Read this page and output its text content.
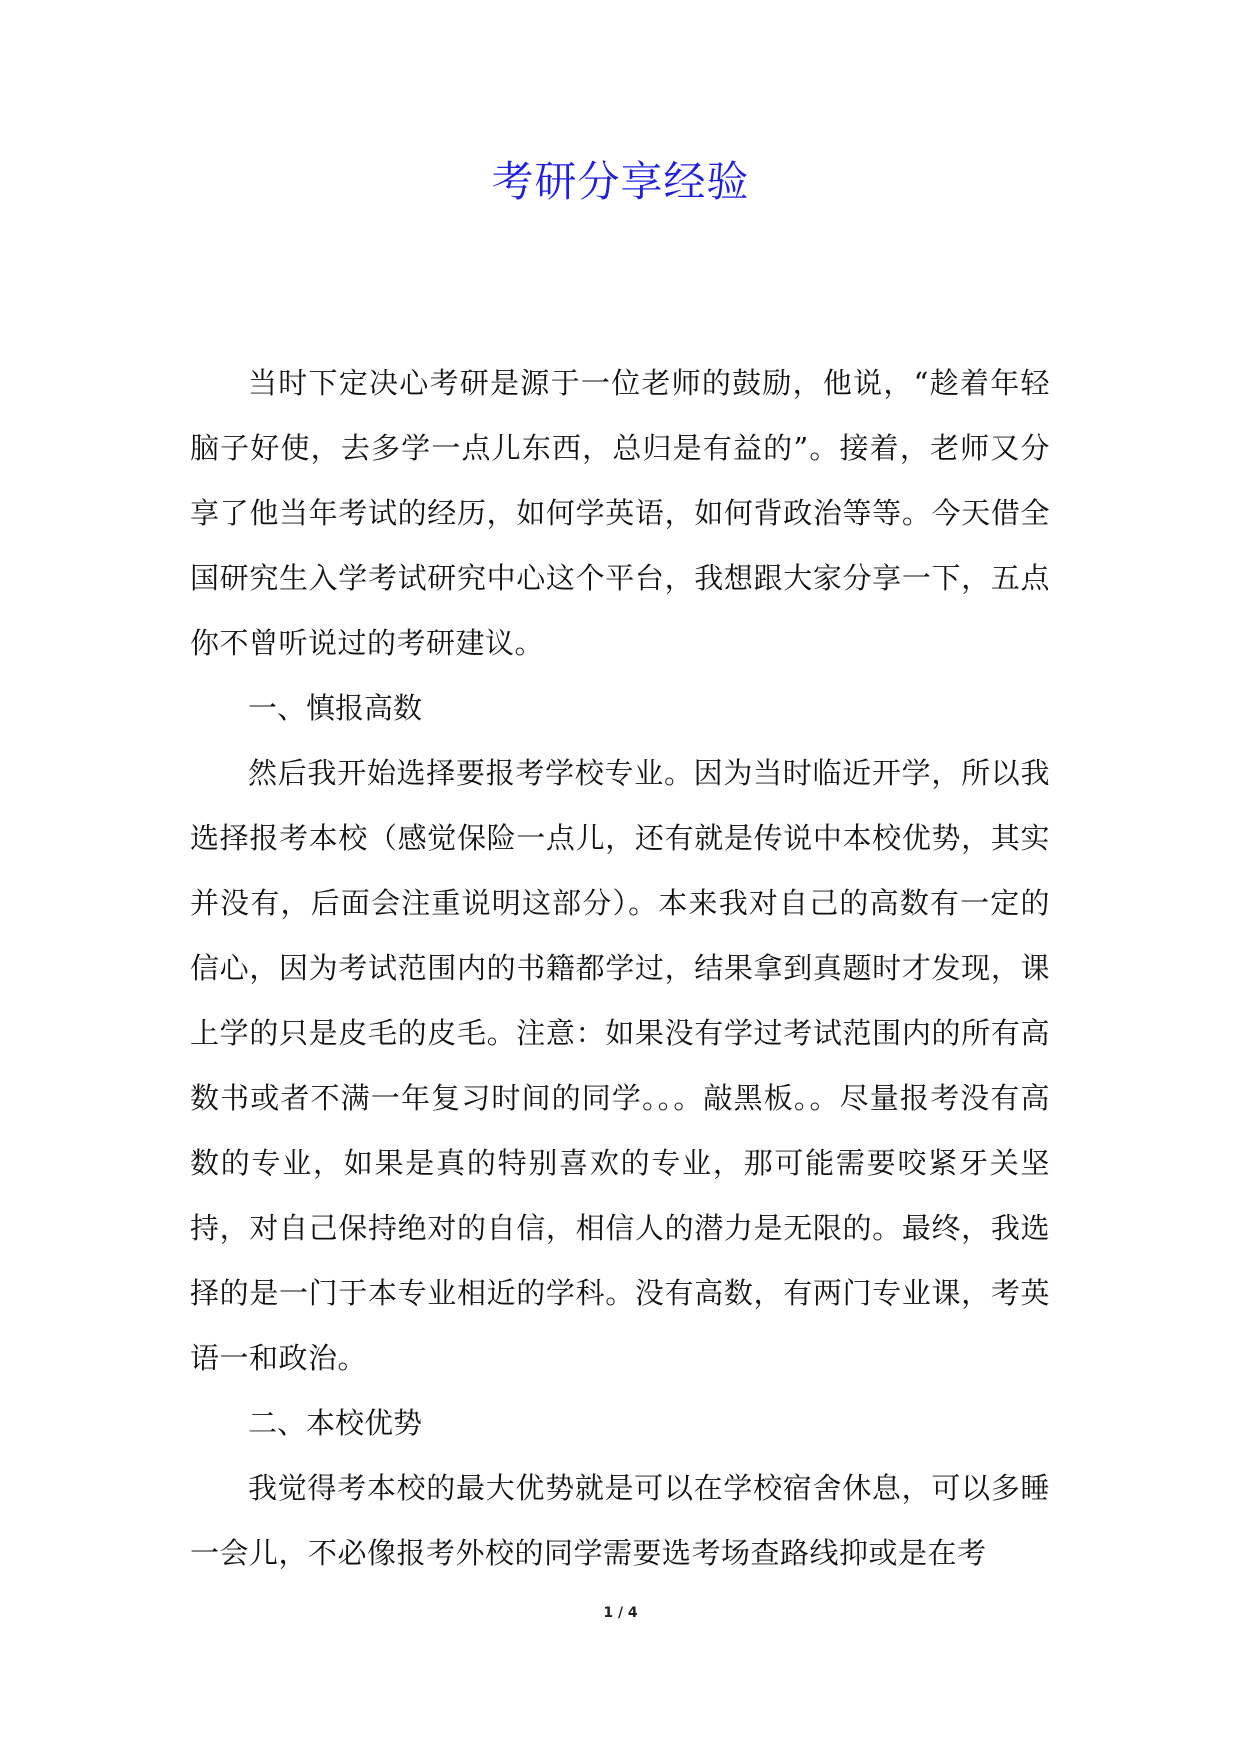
考研分享经验

当时下定决心考研是源于一位老师的鼓励，他说，“趁着年轻脑子好使，去多学一点儿东西，总归是有益的”。接着，老师又分享了他当年考试的经历，如何学英语，如何背政治等等。今天借全国研究生入学考试研究中心这个平台，我想跟大家分享一下，五点你不曾听说过的考研建议。

一、慎报高数

然后我开始选择要报考学校专业。因为当时临近开学，所以我选择报考本校（感觉保险一点儿，还有就是传说中本校优势，其实并没有，后面会注重说明这部分）。本来我对自己的高数有一定的信心，因为考试范围内的书籍都学过，结果拿到真题时才发现，课上学的只是皮毛的皮毛。注意：如果没有学过考试范围内的所有高数书或者不满一年复习时间的同学。。。敲黑板。。尽量报考没有高数的专业，如果是真的特别喜欢的专业，那可能需要咬紧牙关坚持，对自己保持绝对的自信，相信人的潜力是无限的。最终，我选择的是一门于本专业相近的学科。没有高数，有两门专业课，考英语一和政治。

二、本校优势

我觉得考本校的最大优势就是可以在学校宿舍休息，可以多睡一会儿，不必像报考外校的同学需要选考场查路线抑或是在考

1 / 4
